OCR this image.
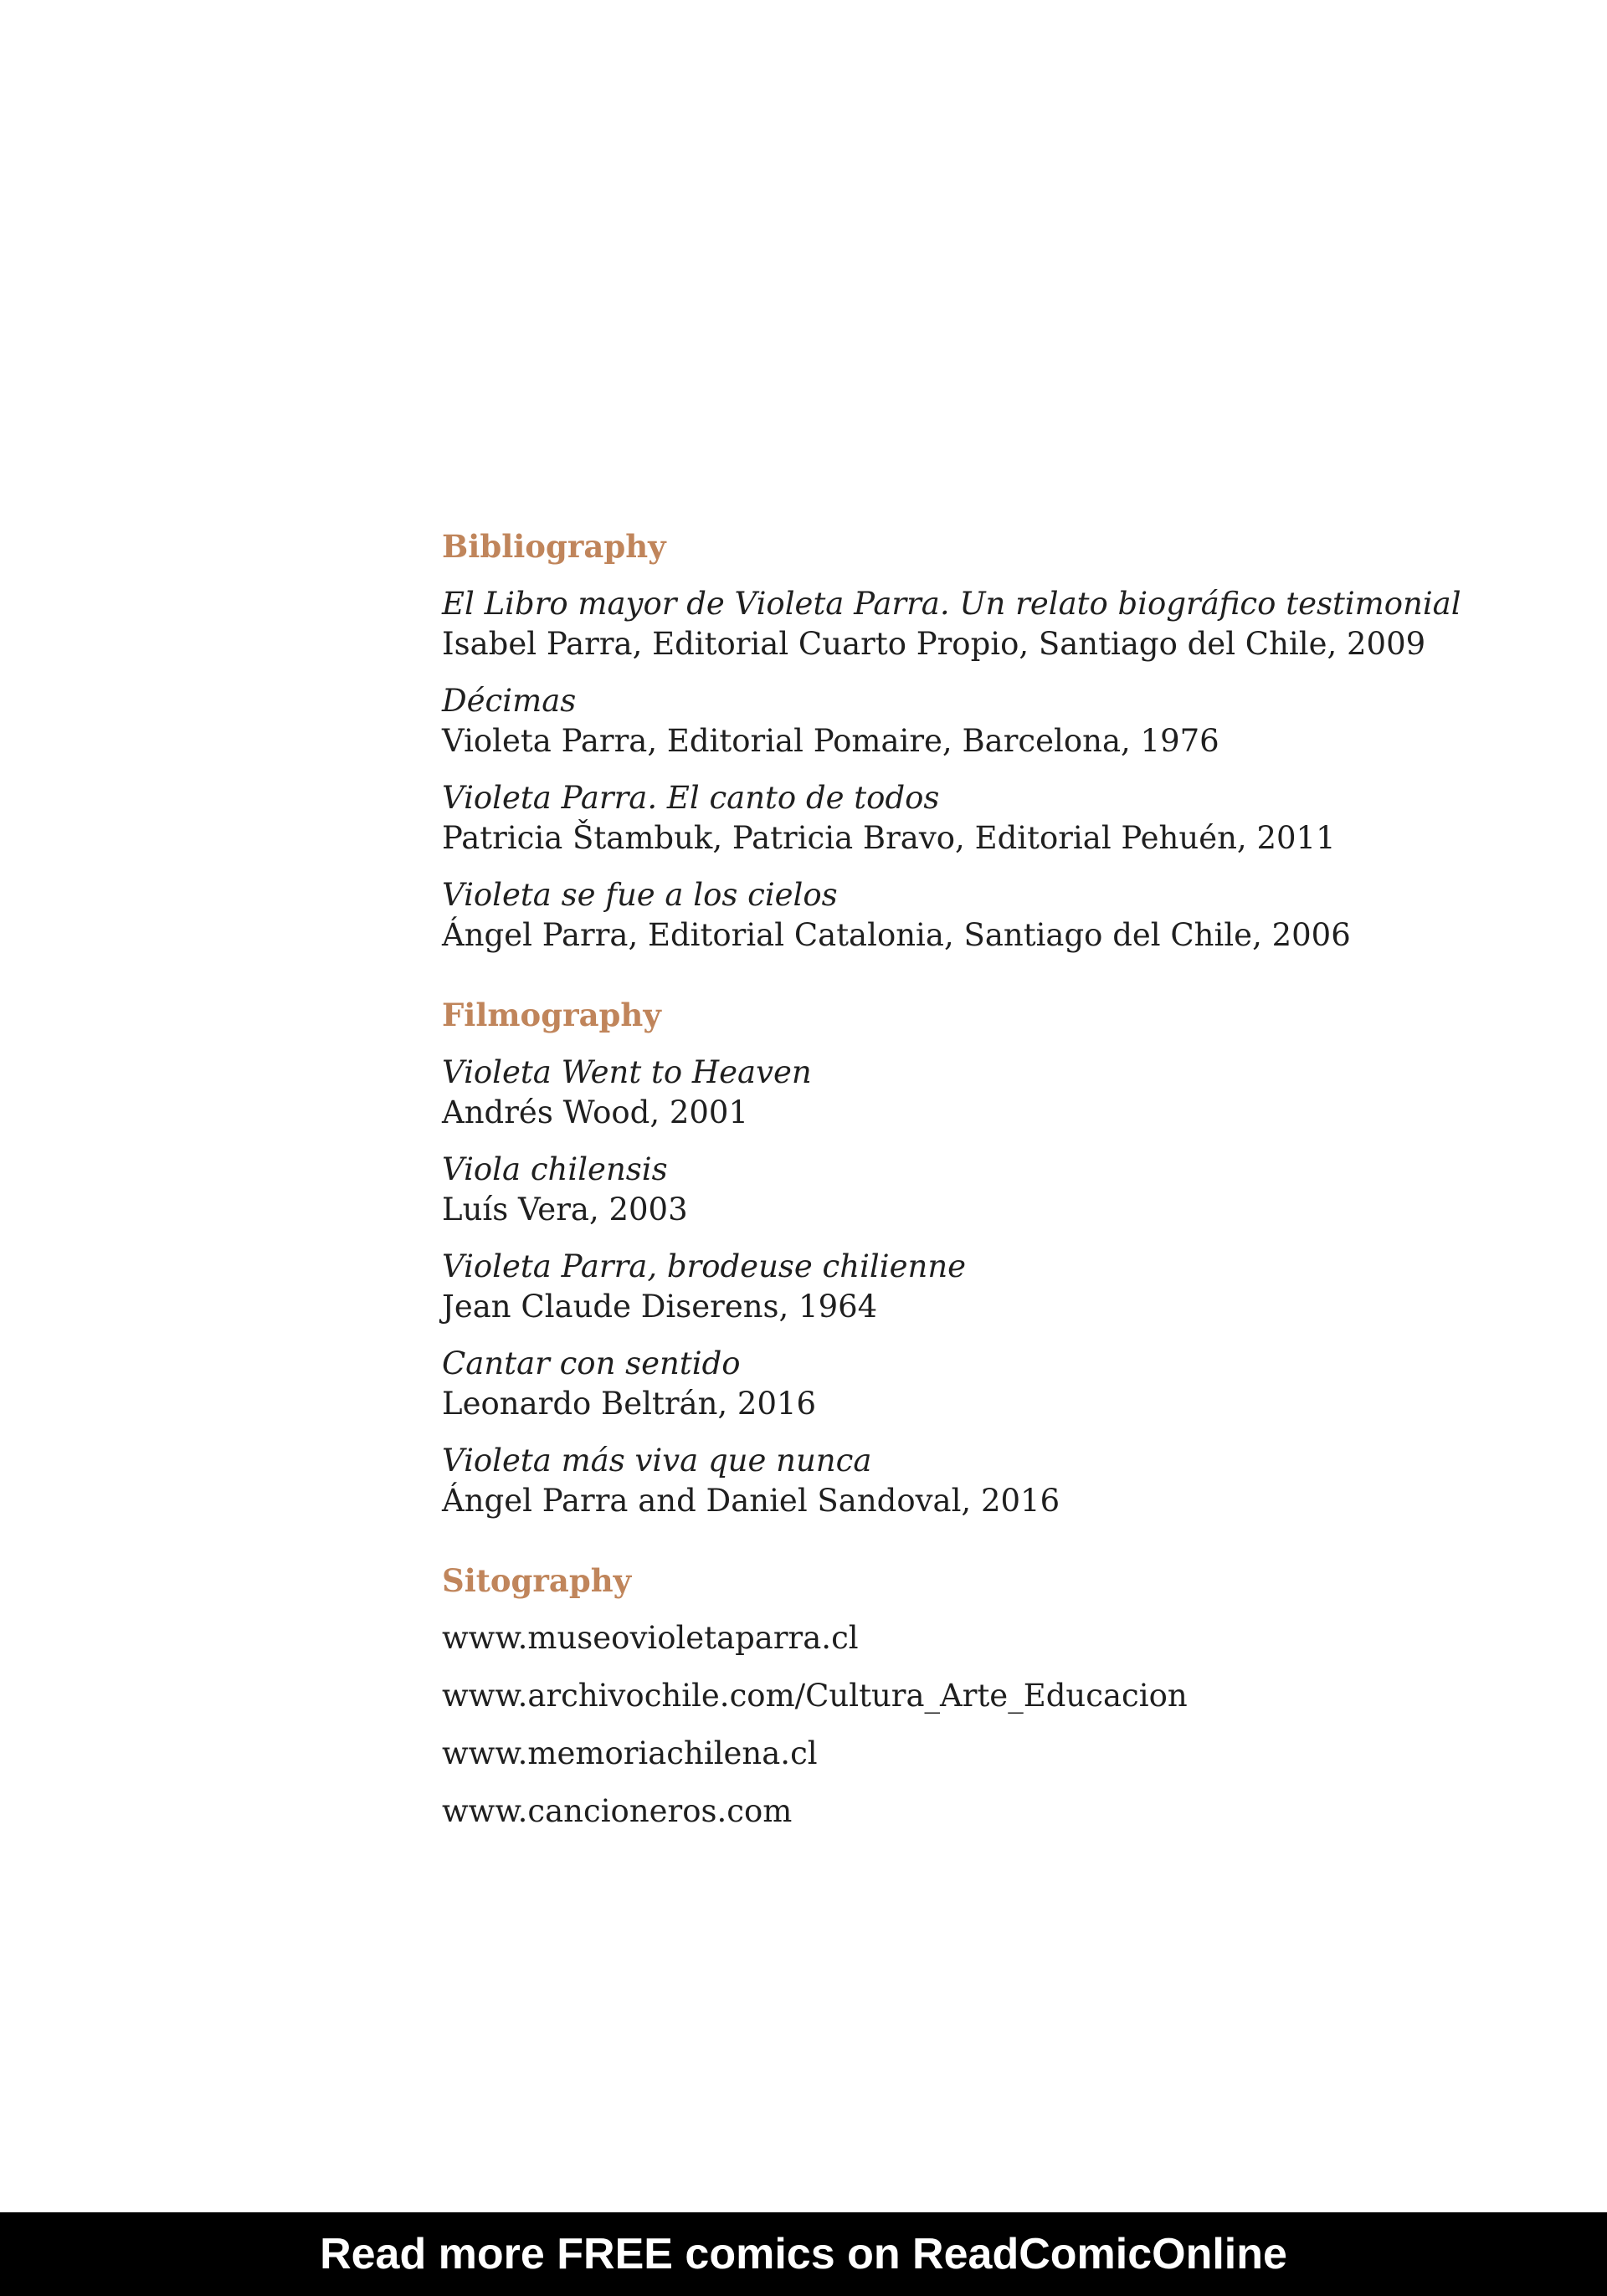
Bibliography
El Libro mayor de Violeta Parra. Un relato biográfico testimonial
Isabel Parra, Editorial Cuarto Propio, Santiago del Chile, 2009
Décimas
Violeta Parra, Editorial Pomaire, Barcelona, 1976
Violeta Parra. El canto de todos
Patricia Štambuk, Patricia Bravo, Editorial Pehuén, 2011
Violeta se fue a los cielos
Ángel Parra, Editorial Catalonia, Santiago del Chile, 2006
Filmography
Violeta Went to Heaven
Andrés Wood, 2001
Viola chilensis
Luís Vera, 2003
Violeta Parra, brodeuse chilienne
Jean Claude Diserens, 1964
Cantar con sentido
Leonardo Beltrán, 2016
Violeta más viva que nunca
Ángel Parra and Daniel Sandoval, 2016
Sitography
www.museovioletaparra.cl
www.archivochile.com/Cultura_Arte_Educacion
www.memoriachilena.cl
www.cancioneros.com
Read more FREE comics on ReadComicOnline
